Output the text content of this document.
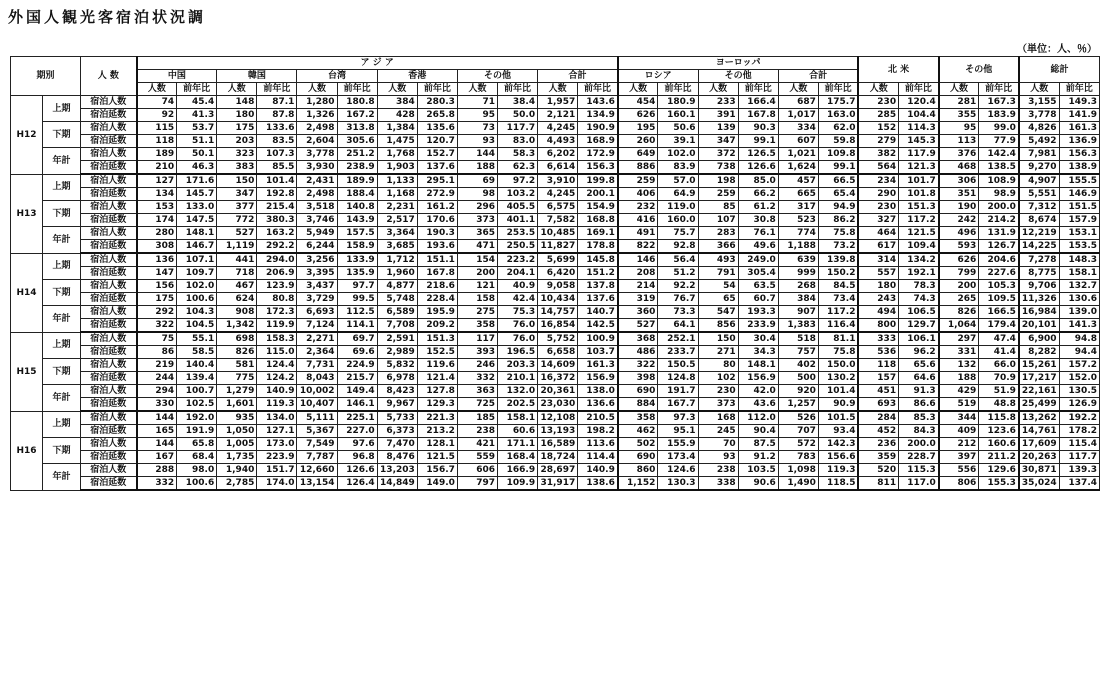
外国人観光客宿泊状況調
（単位：人、％）
期別		人 数	ア ジ ア												ヨーロッパ						北 米		その他		総計	
			中国		韓国		台湾		香港		その他		合計		ロシア		その他		合計							
			人数	前年比	人数	前年比	人数	前年比	人数	前年比	人数	前年比	人数	前年比	人数	前年比	人数	前年比	人数	前年比	人数	前年比	人数	前年比	人数	前年比
H12	上期	宿泊人数	74	45.4	148	87.1	1,280	180.8	384	280.3	71	38.4	1,957	143.6	454	180.9	233	166.4	687	175.7	230	120.4	281	167.3	3,155	149.3
		宿泊延数	92	41.3	180	87.8	1,326	167.2	428	265.8	95	50.0	2,121	134.9	626	160.1	391	167.8	1,017	163.0	285	104.4	355	183.9	3,778	141.9
	下期	宿泊人数	115	53.7	175	133.6	2,498	313.8	1,384	135.6	73	117.7	4,245	190.9	195	50.6	139	90.3	334	62.0	152	114.3	95	99.0	4,826	161.3
		宿泊延数	118	51.1	203	83.5	2,604	305.6	1,475	120.7	93	83.0	4,493	168.9	260	39.1	347	99.1	607	59.8	279	145.3	113	77.9	5,492	136.9
	年計	宿泊人数	189	50.1	323	107.3	3,778	251.2	1,768	152.7	144	58.3	6,202	172.9	649	102.0	372	126.5	1,021	109.8	382	117.9	376	142.4	7,981	156.3
		宿泊延数	210	46.3	383	85.5	3,930	238.9	1,903	137.6	188	62.3	6,614	156.3	886	83.9	738	126.6	1,624	99.1	564	121.3	468	138.5	9,270	138.9
H13	上期	宿泊人数	127	171.6	150	101.4	2,431	189.9	1,133	295.1	69	97.2	3,910	199.8	259	57.0	198	85.0	457	66.5	234	101.7	306	108.9	4,907	155.5
		宿泊延数	134	145.7	347	192.8	2,498	188.4	1,168	272.9	98	103.2	4,245	200.1	406	64.9	259	66.2	665	65.4	290	101.8	351	98.9	5,551	146.9
	下期	宿泊人数	153	133.0	377	215.4	3,518	140.8	2,231	161.2	296	405.5	6,575	154.9	232	119.0	85	61.2	317	94.9	230	151.3	190	200.0	7,312	151.5
		宿泊延数	174	147.5	772	380.3	3,746	143.9	2,517	170.6	373	401.1	7,582	168.8	416	160.0	107	30.8	523	86.2	327	117.2	242	214.2	8,674	157.9
	年計	宿泊人数	280	148.1	527	163.2	5,949	157.5	3,364	190.3	365	253.5	10,485	169.1	491	75.7	283	76.1	774	75.8	464	121.5	496	131.9	12,219	153.1
		宿泊延数	308	146.7	1,119	292.2	6,244	158.9	3,685	193.6	471	250.5	11,827	178.8	822	92.8	366	49.6	1,188	73.2	617	109.4	593	126.7	14,225	153.5
H14	上期	宿泊人数	136	107.1	441	294.0	3,256	133.9	1,712	151.1	154	223.2	5,699	145.8	146	56.4	493	249.0	639	139.8	314	134.2	626	204.6	7,278	148.3
		宿泊延数	147	109.7	718	206.9	3,395	135.9	1,960	167.8	200	204.1	6,420	151.2	208	51.2	791	305.4	999	150.2	557	192.1	799	227.6	8,775	158.1
	下期	宿泊人数	156	102.0	467	123.9	3,437	97.7	4,877	218.6	121	40.9	9,058	137.8	214	92.2	54	63.5	268	84.5	180	78.3	200	105.3	9,706	132.7
		宿泊延数	175	100.6	624	80.8	3,729	99.5	5,748	228.4	158	42.4	10,434	137.6	319	76.7	65	60.7	384	73.4	243	74.3	265	109.5	11,326	130.6
	年計	宿泊人数	292	104.3	908	172.3	6,693	112.5	6,589	195.9	275	75.3	14,757	140.7	360	73.3	547	193.3	907	117.2	494	106.5	826	166.5	16,984	139.0
		宿泊延数	322	104.5	1,342	119.9	7,124	114.1	7,708	209.2	358	76.0	16,854	142.5	527	64.1	856	233.9	1,383	116.4	800	129.7	1,064	179.4	20,101	141.3
H15	上期	宿泊人数	75	55.1	698	158.3	2,271	69.7	2,591	151.3	117	76.0	5,752	100.9	368	252.1	150	30.4	518	81.1	333	106.1	297	47.4	6,900	94.8
		宿泊延数	86	58.5	826	115.0	2,364	69.6	2,989	152.5	393	196.5	6,658	103.7	486	233.7	271	34.3	757	75.8	536	96.2	331	41.4	8,282	94.4
	下期	宿泊人数	219	140.4	581	124.4	7,731	224.9	5,832	119.6	246	203.3	14,609	161.3	322	150.5	80	148.1	402	150.0	118	65.6	132	66.0	15,261	157.2
		宿泊延数	244	139.4	775	124.2	8,043	215.7	6,978	121.4	332	210.1	16,372	156.9	398	124.8	102	156.9	500	130.2	157	64.6	188	70.9	17,217	152.0
	年計	宿泊人数	294	100.7	1,279	140.9	10,002	149.4	8,423	127.8	363	132.0	20,361	138.0	690	191.7	230	42.0	920	101.4	451	91.3	429	51.9	22,161	130.5
		宿泊延数	330	102.5	1,601	119.3	10,407	146.1	9,967	129.3	725	202.5	23,030	136.6	884	167.7	373	43.6	1,257	90.9	693	86.6	519	48.8	25,499	126.9
H16	上期	宿泊人数	144	192.0	935	134.0	5,111	225.1	5,733	221.3	185	158.1	12,108	210.5	358	97.3	168	112.0	526	101.5	284	85.3	344	115.8	13,262	192.2
		宿泊延数	165	191.9	1,050	127.1	5,367	227.0	6,373	213.2	238	60.6	13,193	198.2	462	95.1	245	90.4	707	93.4	452	84.3	409	123.6	14,761	178.2
	下期	宿泊人数	144	65.8	1,005	173.0	7,549	97.6	7,470	128.1	421	171.1	16,589	113.6	502	155.9	70	87.5	572	142.3	236	200.0	212	160.6	17,609	115.4
		宿泊延数	167	68.4	1,735	223.9	7,787	96.8	8,476	121.5	559	168.4	18,724	114.4	690	173.4	93	91.2	783	156.6	359	228.7	397	211.2	20,263	117.7
	年計	宿泊人数	288	98.0	1,940	151.7	12,660	126.6	13,203	156.7	606	166.9	28,697	140.9	860	124.6	238	103.5	1,098	119.3	520	115.3	556	129.6	30,871	139.3
		宿泊延数	332	100.6	2,785	174.0	13,154	126.4	14,849	149.0	797	109.9	31,917	138.6	1,152	130.3	338	90.6	1,490	118.5	811	117.0	806	155.3	35,024	137.4
